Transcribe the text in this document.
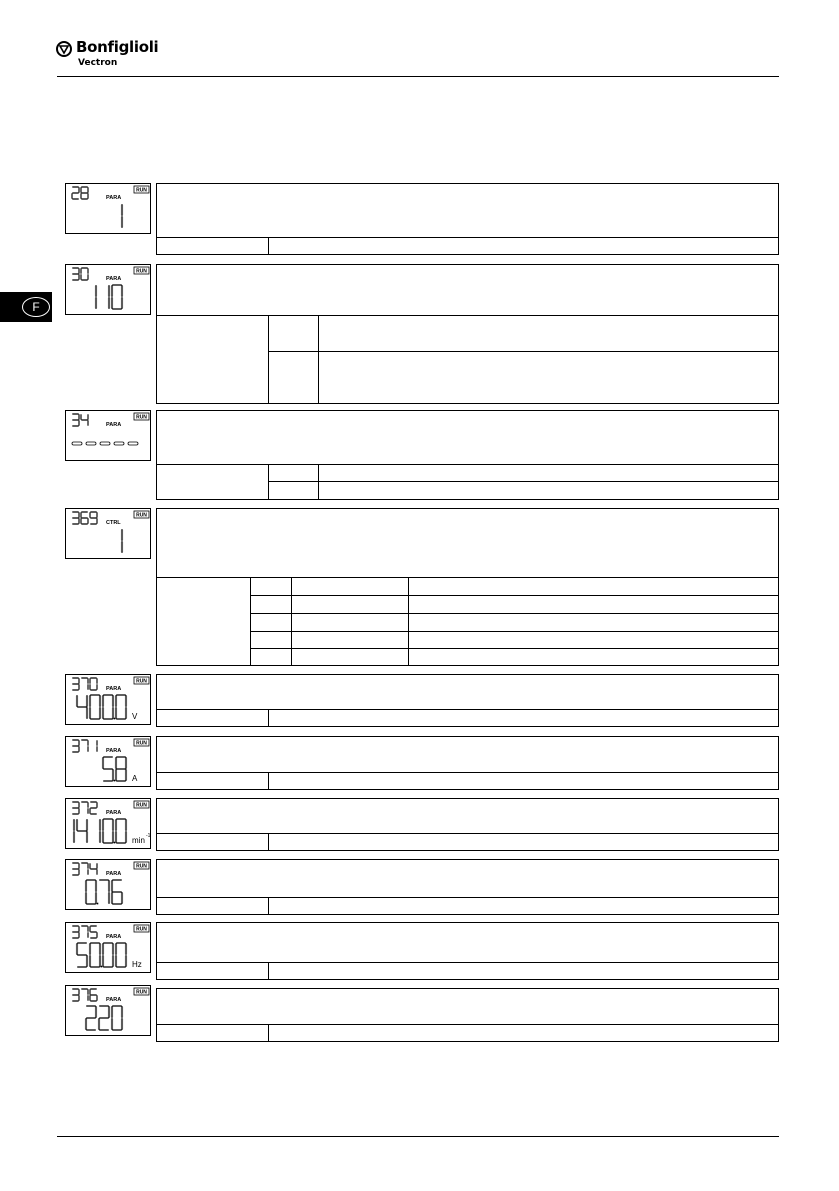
Bonfiglioli
Vectron
F
PARA
RUN
PARA
RUN
PARA
RUN
CTRL
RUN
PARA
RUN
V
PARA
RUN
A
PARA
RUN
min -1
PARA
RUN
PARA
RUN
Hz
PARA
RUN
